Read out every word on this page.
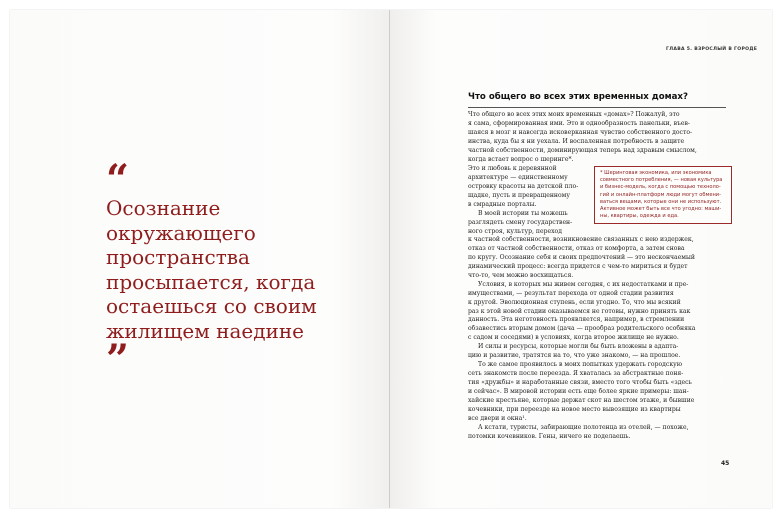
“

Осознание
окружающего
пространства
просыпается, когда
остаешься со своим
жилищем наедине

”
ГЛАВА 5. ВЗРОСЛЫЙ В ГОРОДЕ
Что общего во всех этих временных домах?

Что общего во всех этих моих временных «домах»? Пожалуй, это
я сама, сформированная ими. Это и однообразность панельки, въев-
шаяся в мозг и навсегда исковерканная чувство собственного досто-
инства, куда бы я ни уехала. И воспаленная потребность в защите
частной собственности, доминирующая теперь над здравым смыслом,
когда встает вопрос о шеринге*.

Это и любовь к деревянной
архитектуре — единственному
островку красоты на детской пло-
щадке, пусть и превращенному
в смрадные порталы.
В моей истории ты можешь
разглядеть смену государствен-
ного строя, культур, переход

* Шеринговая экономика, или экономика
совместного потребления, — новая культура
и бизнес-модель, когда с помощью техноло-
гий и онлайн-платформ люди могут обмени-
ваться вещами, которые они не используют.
Активное может быть все что угодно: маши-
ны, квартиры, одежда и еда.

к частной собственности, возникновение связанных с нею издержек,
отказ от частной собственности, отказ от комфорта, а затем снова
по кругу. Осознание себя и своих предпочтений — это нескончаемый
динамический процесс: всегда придется с чем-то мириться и будет
что-то, чем можно восхищаться.
Условия, в которых мы живем сегодня, с их недостатками и пре-
имуществами, — результат перехода от одной стадии развития
к другой. Эволюционная ступень, если угодно. То, что мы всякий
раз к этой новой стадии оказываемся не готовы, нужно принять как
данность. Эта неготовность проявляется, например, в стремлении
обзавестись вторым домом (дача — прообраз родительского особняка
с садом и соседями) в условиях, когда второе жилище не нужно.
И силы и ресурсы, которые могли бы быть вложены в адапта-
цию и развитие, тратятся на то, что уже знакомо, — на прошлое.
То же самое проявилось в моих попытках удержать городскую
сеть знакомств после переезда. Я хваталась за абстрактные поня-
тия «дружбы» и наработанные связи, вместо того чтобы быть «здесь
и сейчас». В мировой истории есть еще более яркие примеры: шан-
хайские крестьяне, которые держат скот на шестом этаже, и бывшие
кочевники, при переезде на новое место вывозящие из квартиры
все двери и окна¹.
А кстати, туристы, забирающие полотенца из отелей, — похоже,
потомки кочевников. Гены, ничего не поделаешь.

45
